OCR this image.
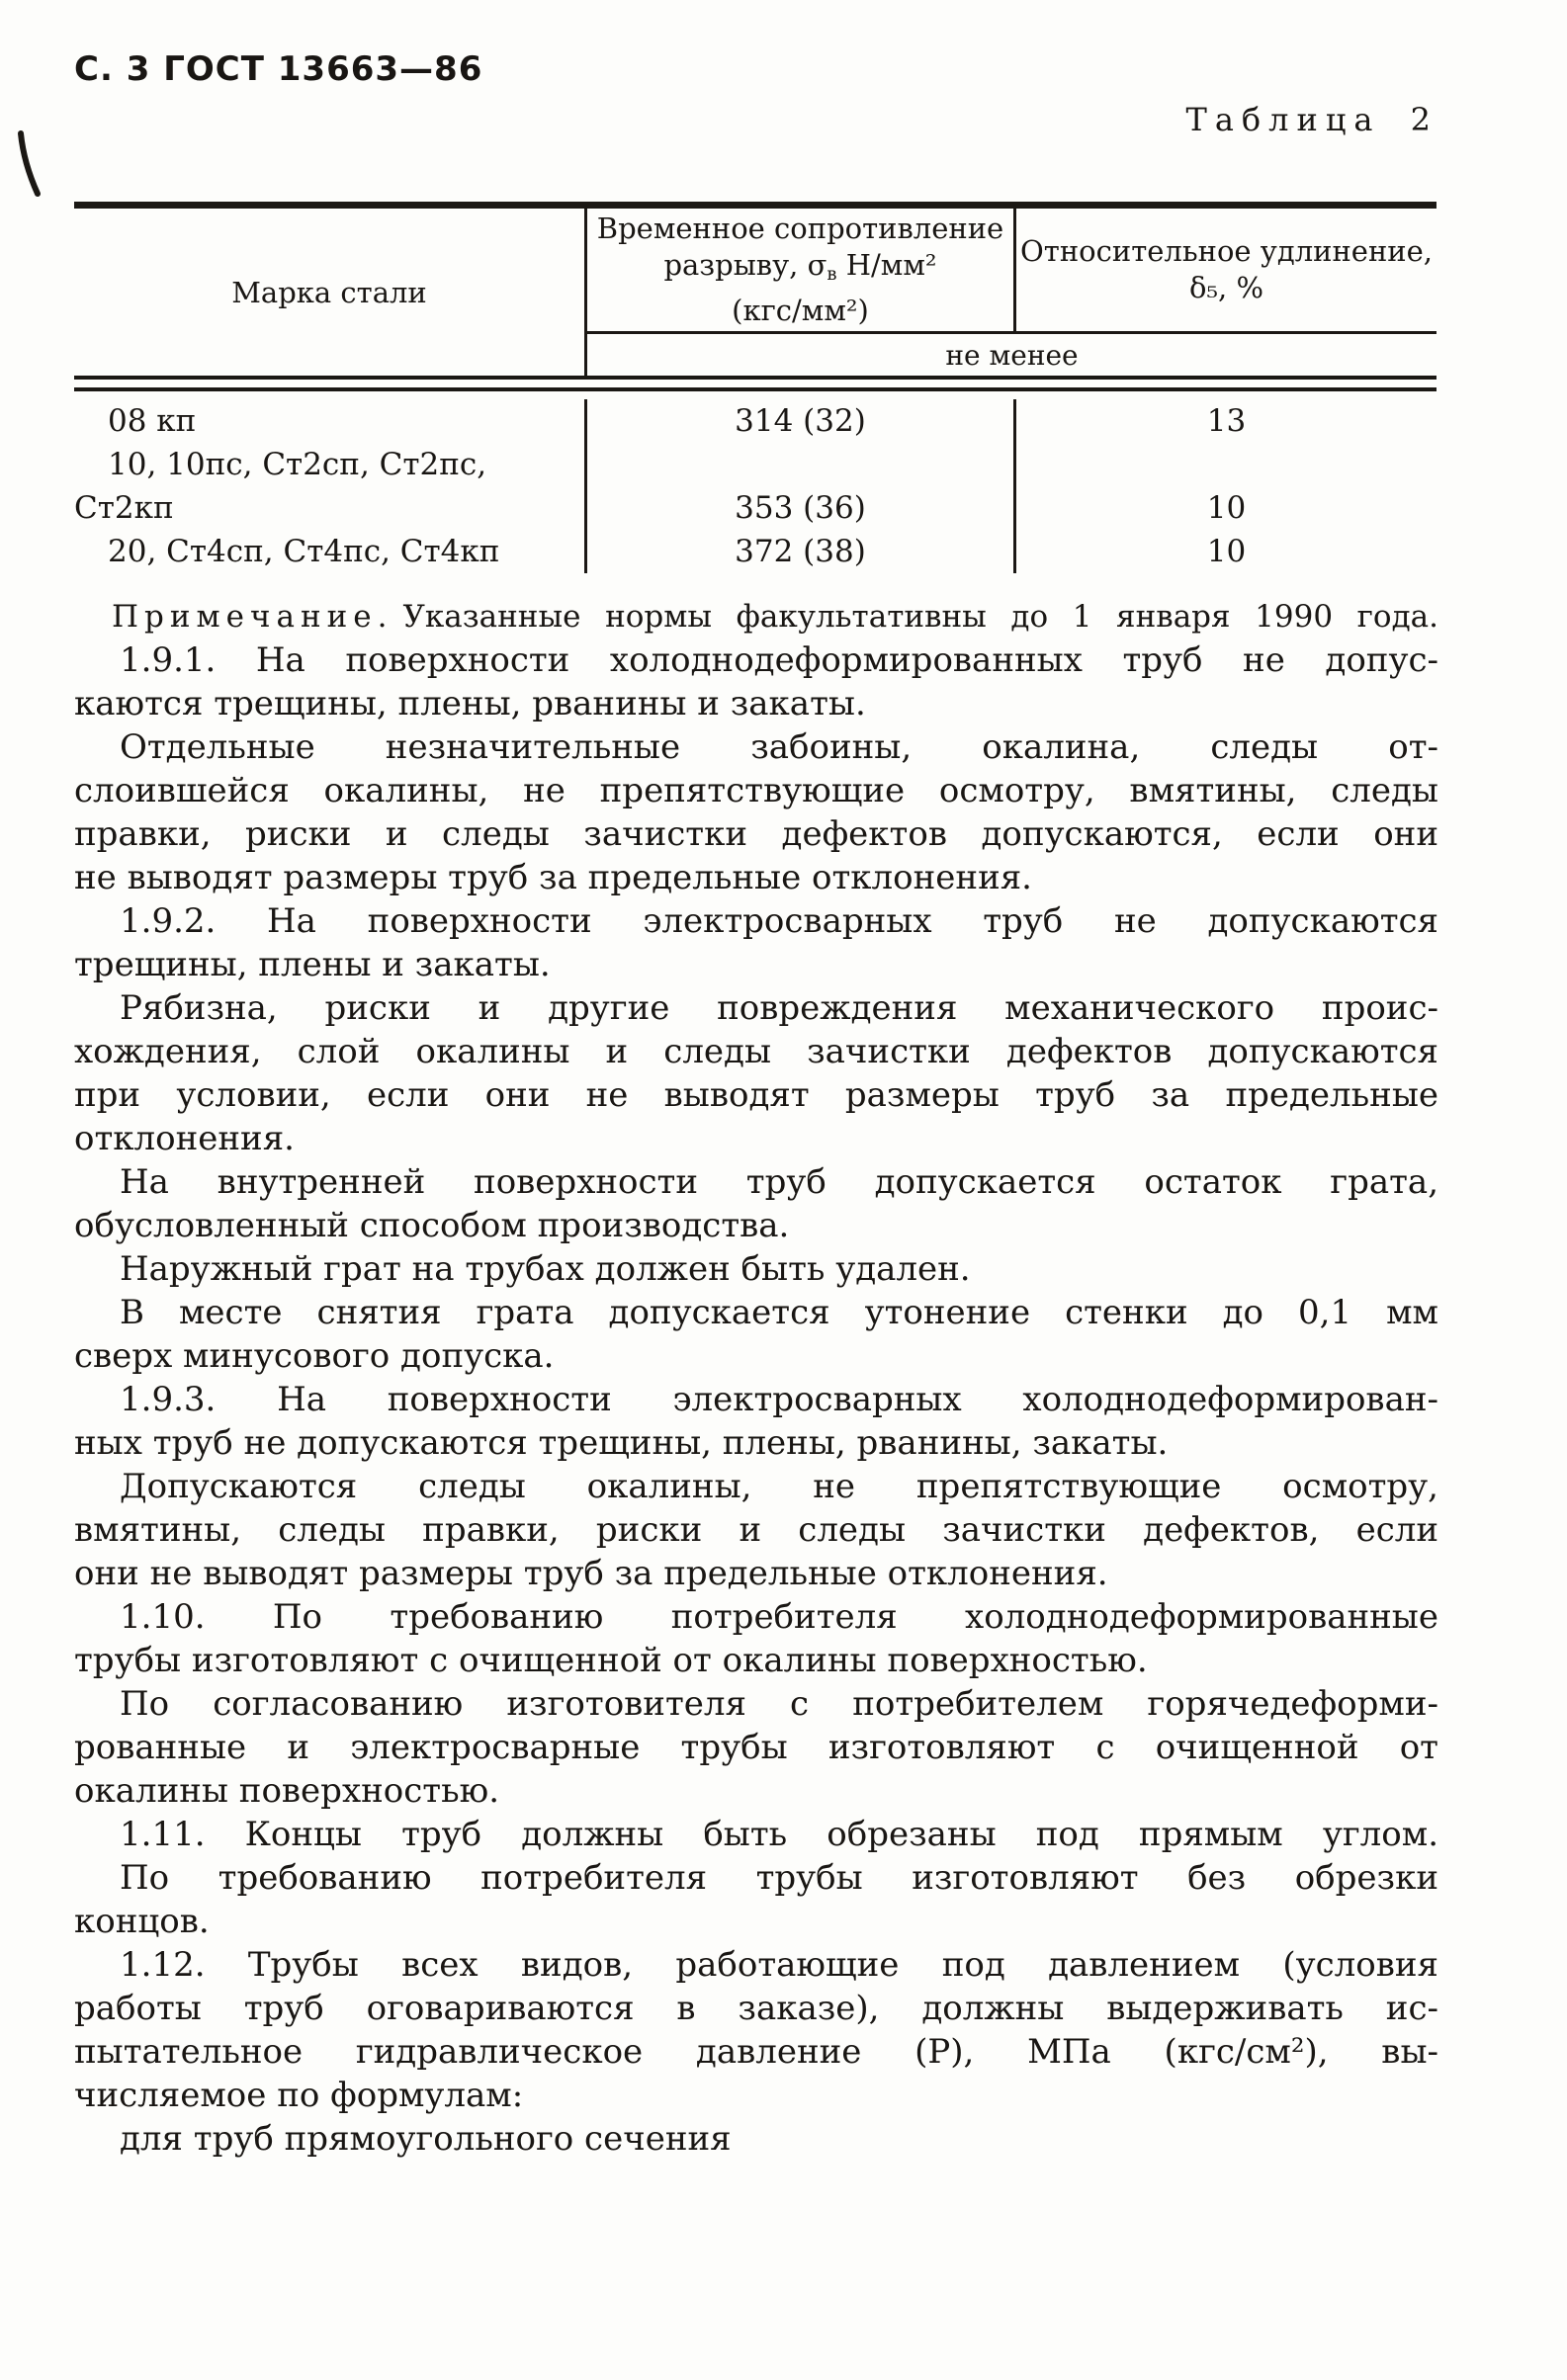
С. 3 ГОСТ 13663—86
Таблица 2
Марка стали
Временное сопротивление
разрыву, $\sigma_в$ Н/мм²
(кгс/мм²)
Относительное удлинение,
δ₅, %
не менее
08 кп
10, 10пс, Ст2сп, Ст2пс,
Ст2кп
20, Ст4сп, Ст4пс, Ст4кп
314 (32)

353 (36)
372 (38)
13

10
10
Примечание. Указанные нормы факультативны до 1 января 1990 года.
1.9.1. На поверхности холоднодеформированных труб не допус-
каются трещины, плены, рванины и закаты.
Отдельные незначительные забоины, окалина, следы от-
слоившейся окалины, не препятствующие осмотру, вмятины, следы
правки, риски и следы зачистки дефектов допускаются, если они
не выводят размеры труб за предельные отклонения.
1.9.2. На поверхности электросварных труб не допускаются
трещины, плены и закаты.
Рябизна, риски и другие повреждения механического проис-
хождения, слой окалины и следы зачистки дефектов допускаются
при условии, если они не выводят размеры труб за предельные
отклонения.
На внутренней поверхности труб допускается остаток грата,
обусловленный способом производства.
Наружный грат на трубах должен быть удален.
В месте снятия грата допускается утонение стенки до 0,1 мм
сверх минусового допуска.
1.9.3. На поверхности электросварных холоднодеформирован-
ных труб не допускаются трещины, плены, рванины, закаты.
Допускаются следы окалины, не препятствующие осмотру,
вмятины, следы правки, риски и следы зачистки дефектов, если
они не выводят размеры труб за предельные отклонения.
1.10. По требованию потребителя холоднодеформированные
трубы изготовляют с очищенной от окалины поверхностью.
По согласованию изготовителя с потребителем горячедеформи-
рованные и электросварные трубы изготовляют с очищенной от
окалины поверхностью.
1.11. Концы труб должны быть обрезаны под прямым углом.
По требованию потребителя трубы изготовляют без обрезки
концов.
1.12. Трубы всех видов, работающие под давлением (условия
работы труб оговариваются в заказе), должны выдерживать ис-
пытательное гидравлическое давление (Р), МПа (кгс/см²), вы-
числяемое по формулам:
для труб прямоугольного сечения
